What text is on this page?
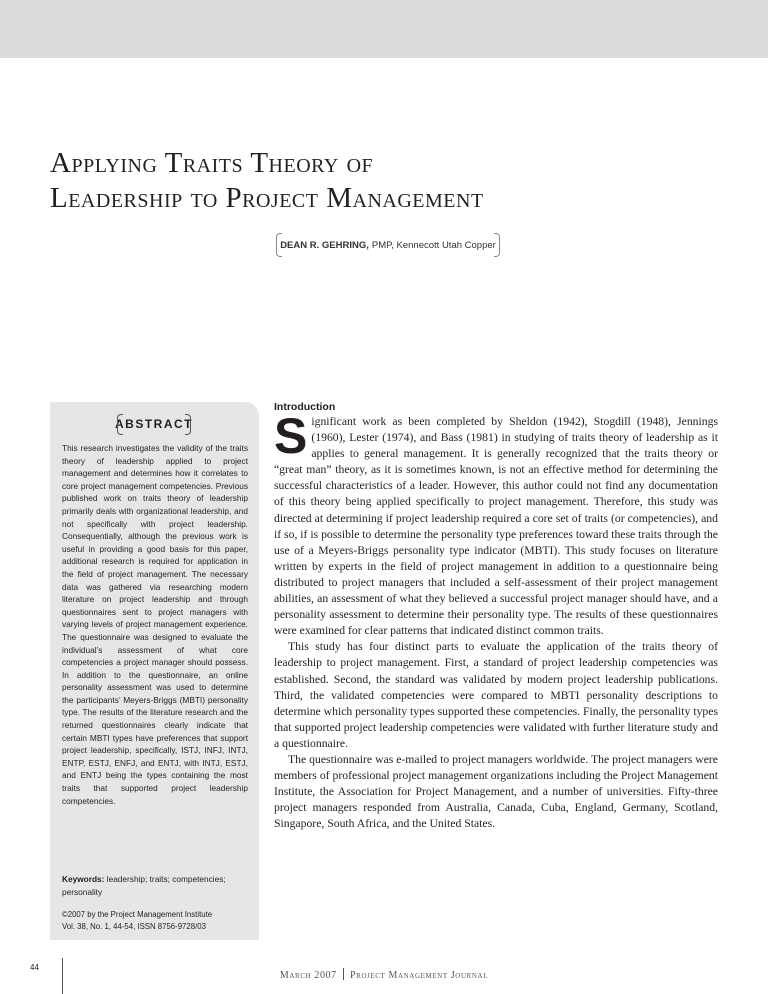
Applying Traits Theory of
Leadership to Project Management
DEAN R. GEHRING, PMP, Kennecott Utah Copper
ABSTRACT

This research investigates the validity of the traits theory of leadership applied to project management and determines how it correlates to core project management competencies. Previous published work on traits theory of leadership primarily deals with organizational leadership, and not specifically with project leadership. Consequentially, although the previous work is useful in providing a good basis for this paper, additional research is required for application in the field of project management. The necessary data was gathered via researching modern literature on project leadership and through questionnaires sent to project managers with varying levels of project management experience. The questionnaire was designed to evaluate the individual’s assessment of what core competencies a project manager should possess. In addition to the questionnaire, an online personality assessment was used to determine the participants’ Meyers-Briggs (MBTI) personality type. The results of the literature research and the returned questionnaires clearly indicate that certain MBTI types have preferences that support project leadership, specifically, ISTJ, INFJ, INTJ, ENTP, ESTJ, ENFJ, and ENTJ, with INTJ, ESTJ, and ENTJ being the types containing the most traits that supported project leadership competencies.

Keywords: leadership; traits; competencies; personality

©2007 by the Project Management Institute
Vol. 38, No. 1, 44-54, ISSN 8756-9728/03

Introduction

Significant work as been completed by Sheldon (1942), Stogdill (1948), Jennings (1960), Lester (1974), and Bass (1981) in studying of traits theory of leadership as it applies to general management. It is generally recognized that the traits theory or “great man” theory, as it is sometimes known, is not an effective method for determining the successful characteristics of a leader. However, this author could not find any documentation of this theory being applied specifically to project management. Therefore, this study was directed at determining if project leadership required a core set of traits (or competencies), and if so, if is possible to determine the personality type preferences toward these traits through the use of a Meyers-Briggs personality type indicator (MBTI). This study focuses on literature written by experts in the field of project management in addition to a questionnaire being distributed to project managers that included a self-assessment of their project management abilities, an assessment of what they believed a successful project manager should have, and a personality assessment to determine their personality type. The results of these questionnaires were examined for clear patterns that indicated distinct common traits.

This study has four distinct parts to evaluate the application of the traits theory of leadership to project management. First, a standard of project leadership competencies was established. Second, the standard was validated by modern project leadership publications. Third, the validated competencies were compared to MBTI personality descriptions to determine which personality types supported these competencies. Finally, the personality types that supported project leadership competencies were validated with further literature study and a questionnaire.

The questionnaire was e-mailed to project managers worldwide. The project managers were members of professional project management organizations including the Project Management Institute, the Association for Project Management, and a number of universities. Fifty-three project managers responded from Australia, Canada, Cuba, England, Germany, Scotland, Singapore, South Africa, and the United States.

44
March 2007 Project Management Journal
